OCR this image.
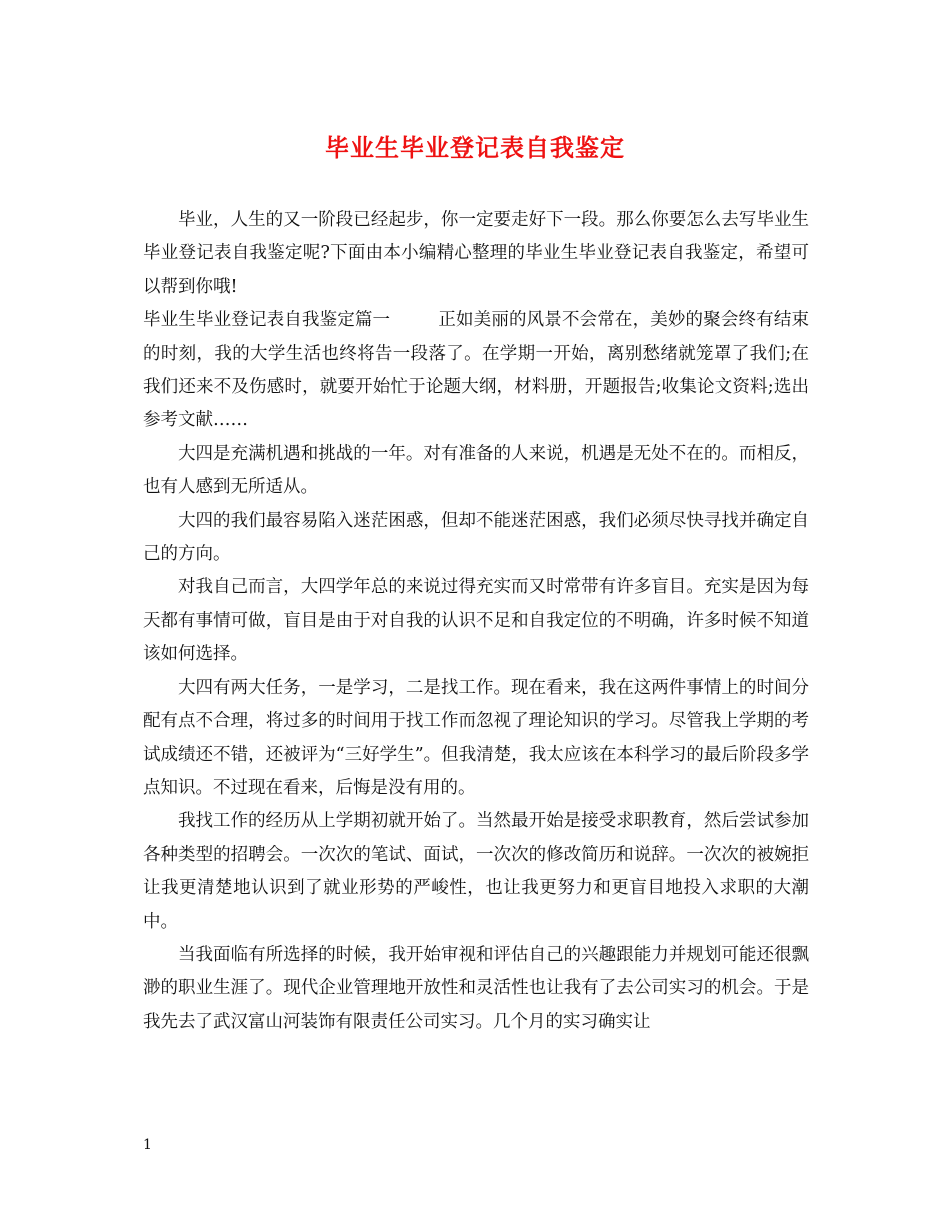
毕业生毕业登记表自我鉴定

毕业，人生的又一阶段已经起步，你一定要走好下一段。那么你要怎么去写毕业生毕业登记表自我鉴定呢?下面由本小编精心整理的毕业生毕业登记表自我鉴定，希望可以帮到你哦!

毕业生毕业登记表自我鉴定篇一	正如美丽的风景不会常在，美妙的聚会终有结束的时刻，我的大学生活也终将告一段落了。在学期一开始，离别愁绪就笼罩了我们;在我们还来不及伤感时，就要开始忙于论题大纲，材料册，开题报告;收集论文资料;选出参考文献……

大四是充满机遇和挑战的一年。对有准备的人来说，机遇是无处不在的。而相反，也有人感到无所适从。

大四的我们最容易陷入迷茫困惑，但却不能迷茫困惑，我们必须尽快寻找并确定自己的方向。

对我自己而言，大四学年总的来说过得充实而又时常带有许多盲目。充实是因为每天都有事情可做，盲目是由于对自我的认识不足和自我定位的不明确，许多时候不知道该如何选择。

大四有两大任务，一是学习，二是找工作。现在看来，我在这两件事情上的时间分配有点不合理，将过多的时间用于找工作而忽视了理论知识的学习。尽管我上学期的考试成绩还不错，还被评为“三好学生”。但我清楚，我太应该在本科学习的最后阶段多学点知识。不过现在看来，后悔是没有用的。

我找工作的经历从上学期初就开始了。当然最开始是接受求职教育，然后尝试参加各种类型的招聘会。一次次的笔试、面试，一次次的修改简历和说辞。一次次的被婉拒让我更清楚地认识到了就业形势的严峻性，也让我更努力和更盲目地投入求职的大潮中。

当我面临有所选择的时候，我开始审视和评估自己的兴趣跟能力并规划可能还很飘渺的职业生涯了。现代企业管理地开放性和灵活性也让我有了去公司实习的机会。于是我先去了武汉富山河装饰有限责任公司实习。几个月的实习确实让

1
